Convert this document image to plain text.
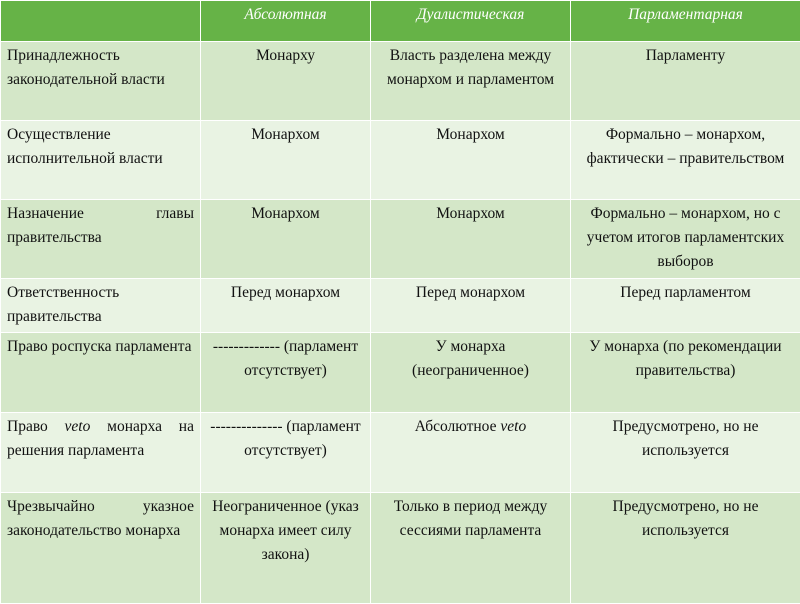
	Абсолютная	Дуалистическая	Парламентарная
Принадлежность законодательной власти	Монарху	Власть разделена между монархом и парламентом	Парламенту
Осуществление исполнительной власти	Монархом	Монархом	Формально – монархом, фактически – правительством
Назначение главы правительства	Монархом	Монархом	Формально – монархом, но с учетом итогов парламентских выборов
Ответственность правительства	Перед монархом	Перед монархом	Перед парламентом
Право роспуска парламента	------------- (парламент отсутствует)	У монарха (неограниченное)	У монарха (по рекомендации правительства)
Право veto монарха на решения парламента	-------------- (парламент отсутствует)	Абсолютное veto	Предусмотрено, но не используется
Чрезвычайно указное законодательство монарха	Неограниченное (указ монарха имеет силу закона)	Только в период между сессиями парламента	Предусмотрено, но не используется
